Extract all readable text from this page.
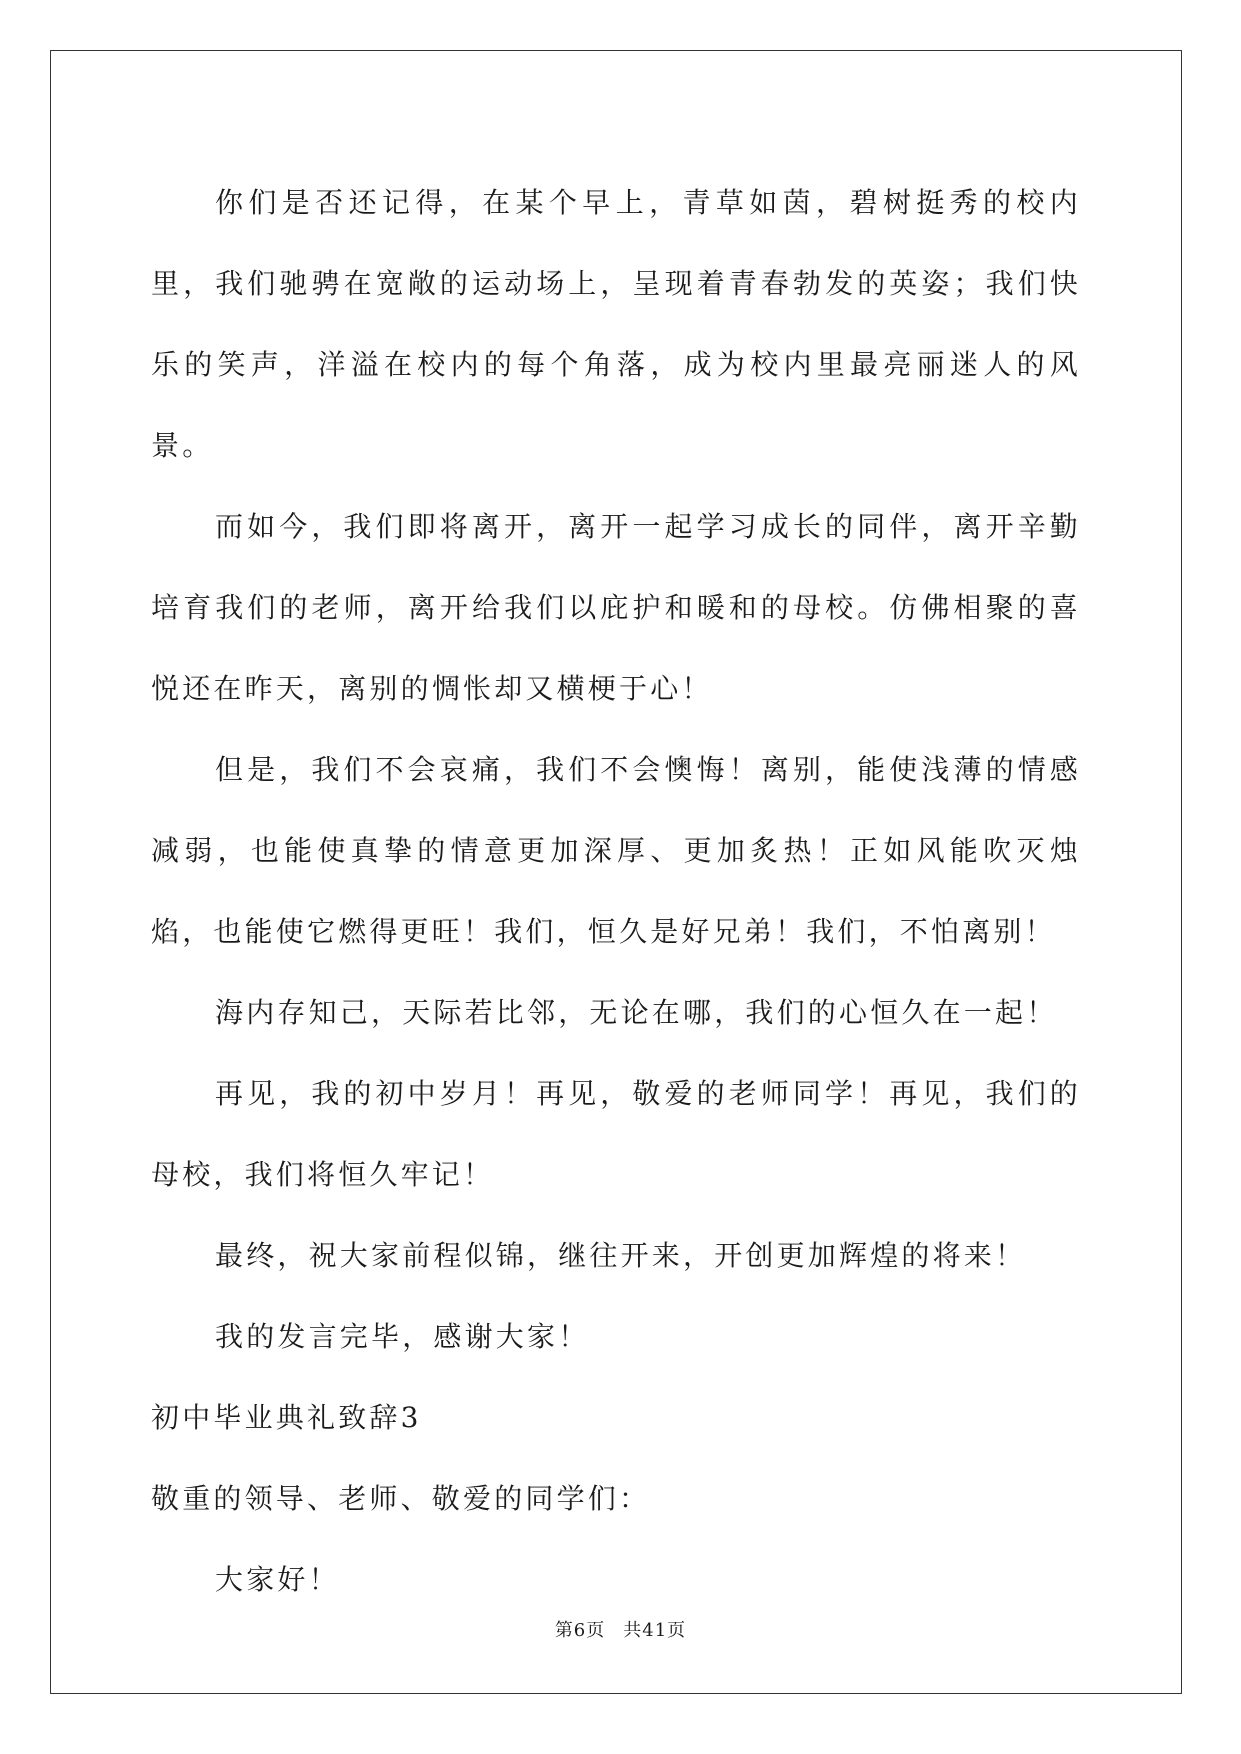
你们是否还记得，在某个早上，青草如茵，碧树挺秀的校内里，我们驰骋在宽敞的运动场上，呈现着青春勃发的英姿；我们快乐的笑声，洋溢在校内的每个角落，成为校内里最亮丽迷人的风景。

而如今，我们即将离开，离开一起学习成长的同伴，离开辛勤培育我们的老师，离开给我们以庇护和暖和的母校。仿佛相聚的喜悦还在昨天，离别的惆怅却又横梗于心！

但是，我们不会哀痛，我们不会懊悔！离别，能使浅薄的情感减弱，也能使真挚的情意更加深厚、更加炙热！正如风能吹灭烛焰，也能使它燃得更旺！我们，恒久是好兄弟！我们，不怕离别！

海内存知己，天际若比邻，无论在哪，我们的心恒久在一起！

再见，我的初中岁月！再见，敬爱的老师同学！再见，我们的母校，我们将恒久牢记！

最终，祝大家前程似锦，继往开来，开创更加辉煌的将来！

我的发言完毕，感谢大家！

初中毕业典礼致辞3

敬重的领导、老师、敬爱的同学们：

大家好！

第6页 共41页
